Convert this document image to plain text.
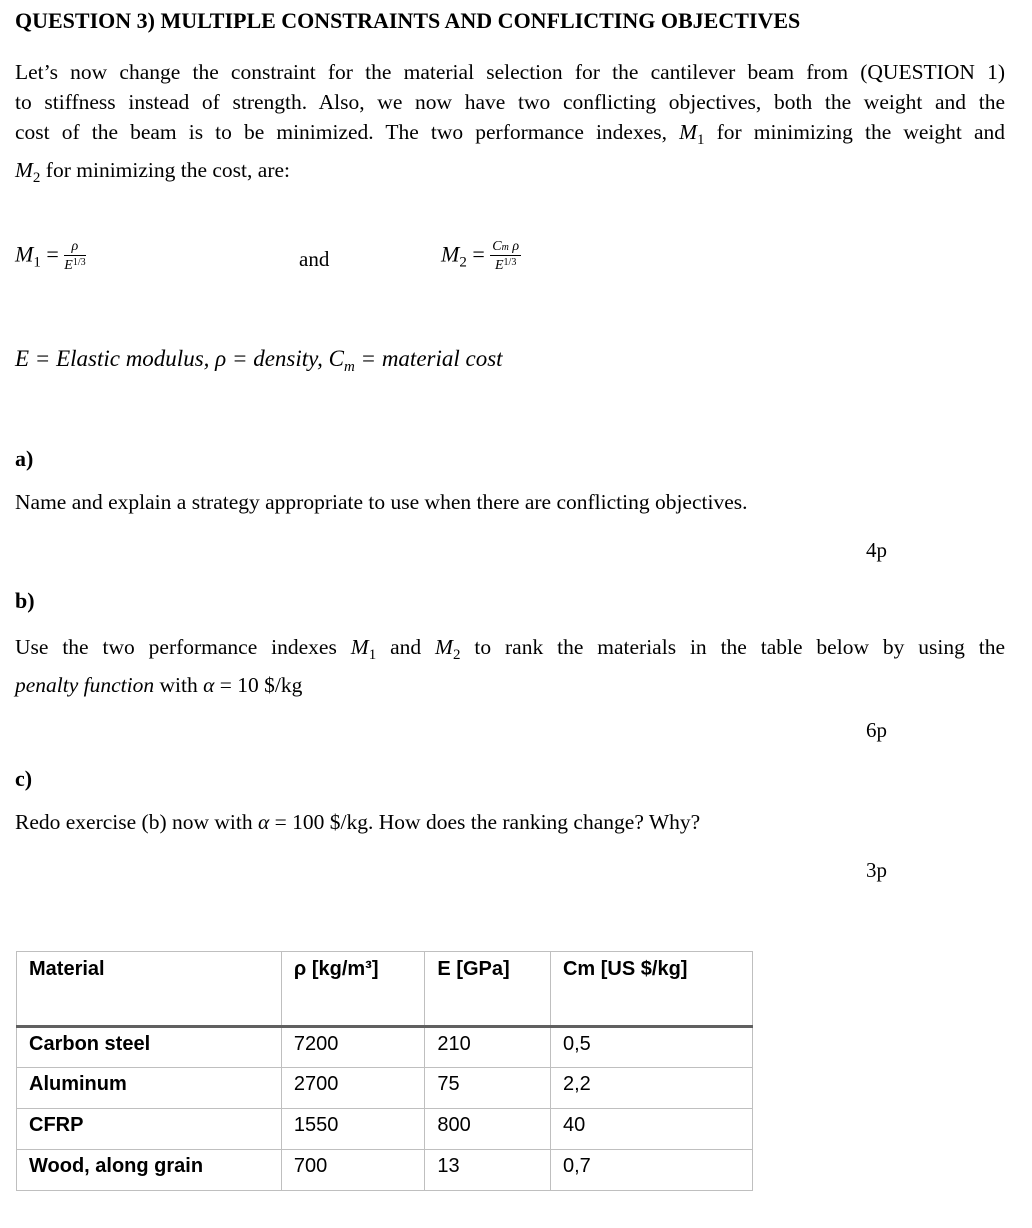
QUESTION 3) MULTIPLE CONSTRAINTS AND CONFLICTING OBJECTIVES
Let’s now change the constraint for the material selection for the cantilever beam from (QUESTION 1)
to stiffness instead of strength. Also, we now have two conflicting objectives, both the weight and the
cost of the beam is to be minimized. The two performance indexes, $M_1$ for minimizing the weight and
$M_2$ for minimizing the cost, are:
$M_1 = \frac{\rho}{E^{1/3}}$	and	$M_2 = \frac{\text{Cm ρ}}{E^{1/3}}$
E = Elastic modulus, ρ = density, $C_m$ = material cost
a)
Name and explain a strategy appropriate to use when there are conflicting objectives.
4p
b)
Use the two performance indexes $M_1$ and $M_2$ to rank the materials in the table below by using the
penalty function with α = 10 $/kg
6p
c)
Redo exercise (b) now with α = 100 $/kg. How does the ranking change? Why?
3p
Material	ρ [kg/m³]	E [GPa]	Cm [US $/kg]
Carbon steel	7200	210	0,5
Aluminum	2700	75	2,2
CFRP	1550	800	40
Wood, along grain	700	13	0,7
